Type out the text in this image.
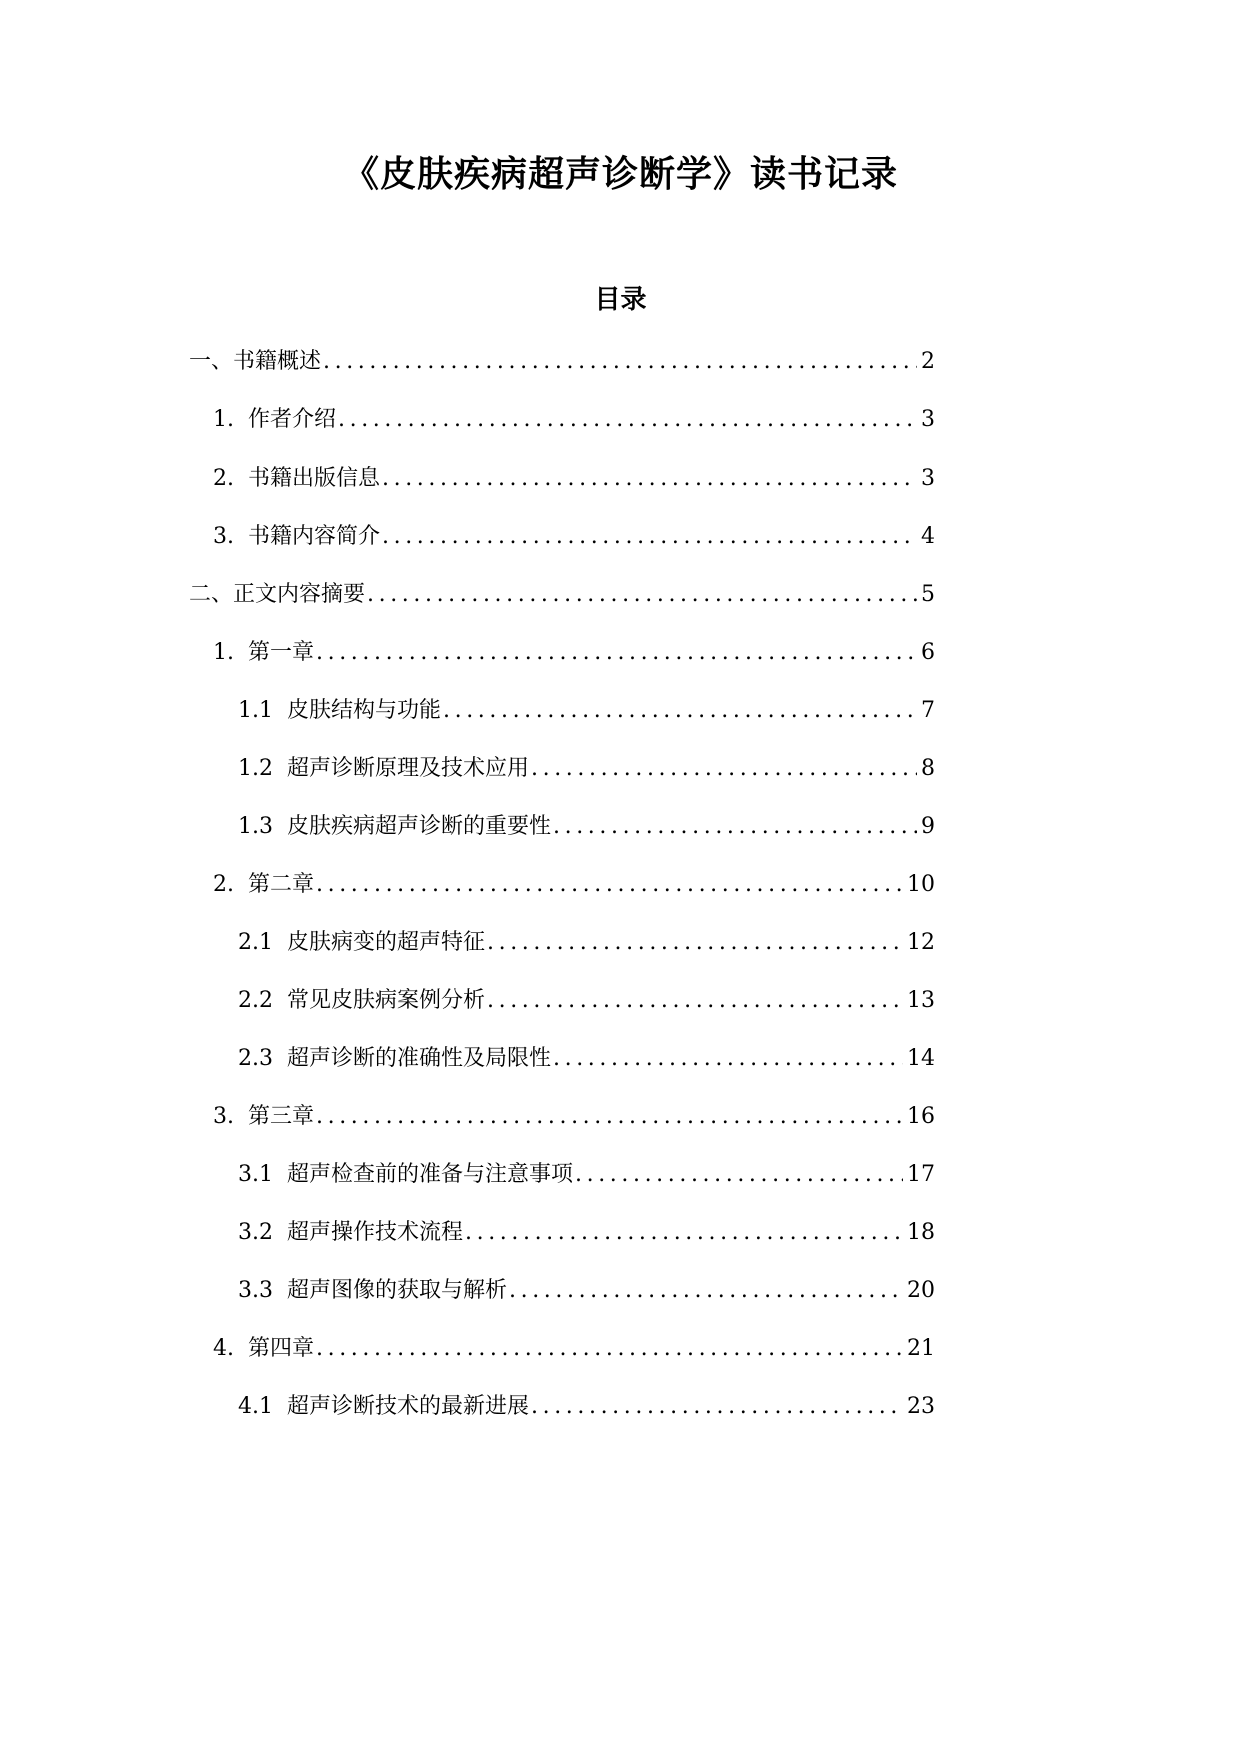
《皮肤疾病超声诊断学》读书记录
目录
一、 书籍概述 .....	2
1. 作者介绍 .....	3
2. 书籍出版信息 .....	3
3. 书籍内容简介 .....	4
二、 正文内容摘要 .....	5
1. 第一章 .....	6
1.1 皮肤结构与功能 .....	7
1.2 超声诊断原理及技术应用 .....	8
1.3 皮肤疾病超声诊断的重要性 .....	9
2. 第二章 .....	10
2.1 皮肤病变的超声特征 .....	12
2.2 常见皮肤病案例分析 .....	13
2.3 超声诊断的准确性及局限性 .....	14
3. 第三章 .....	16
3.1 超声检查前的准备与注意事项 .....	17
3.2 超声操作技术流程 .....	18
3.3 超声图像的获取与解析 .....	20
4. 第四章 .....	21
4.1 超声诊断技术的最新进展 .....	23
